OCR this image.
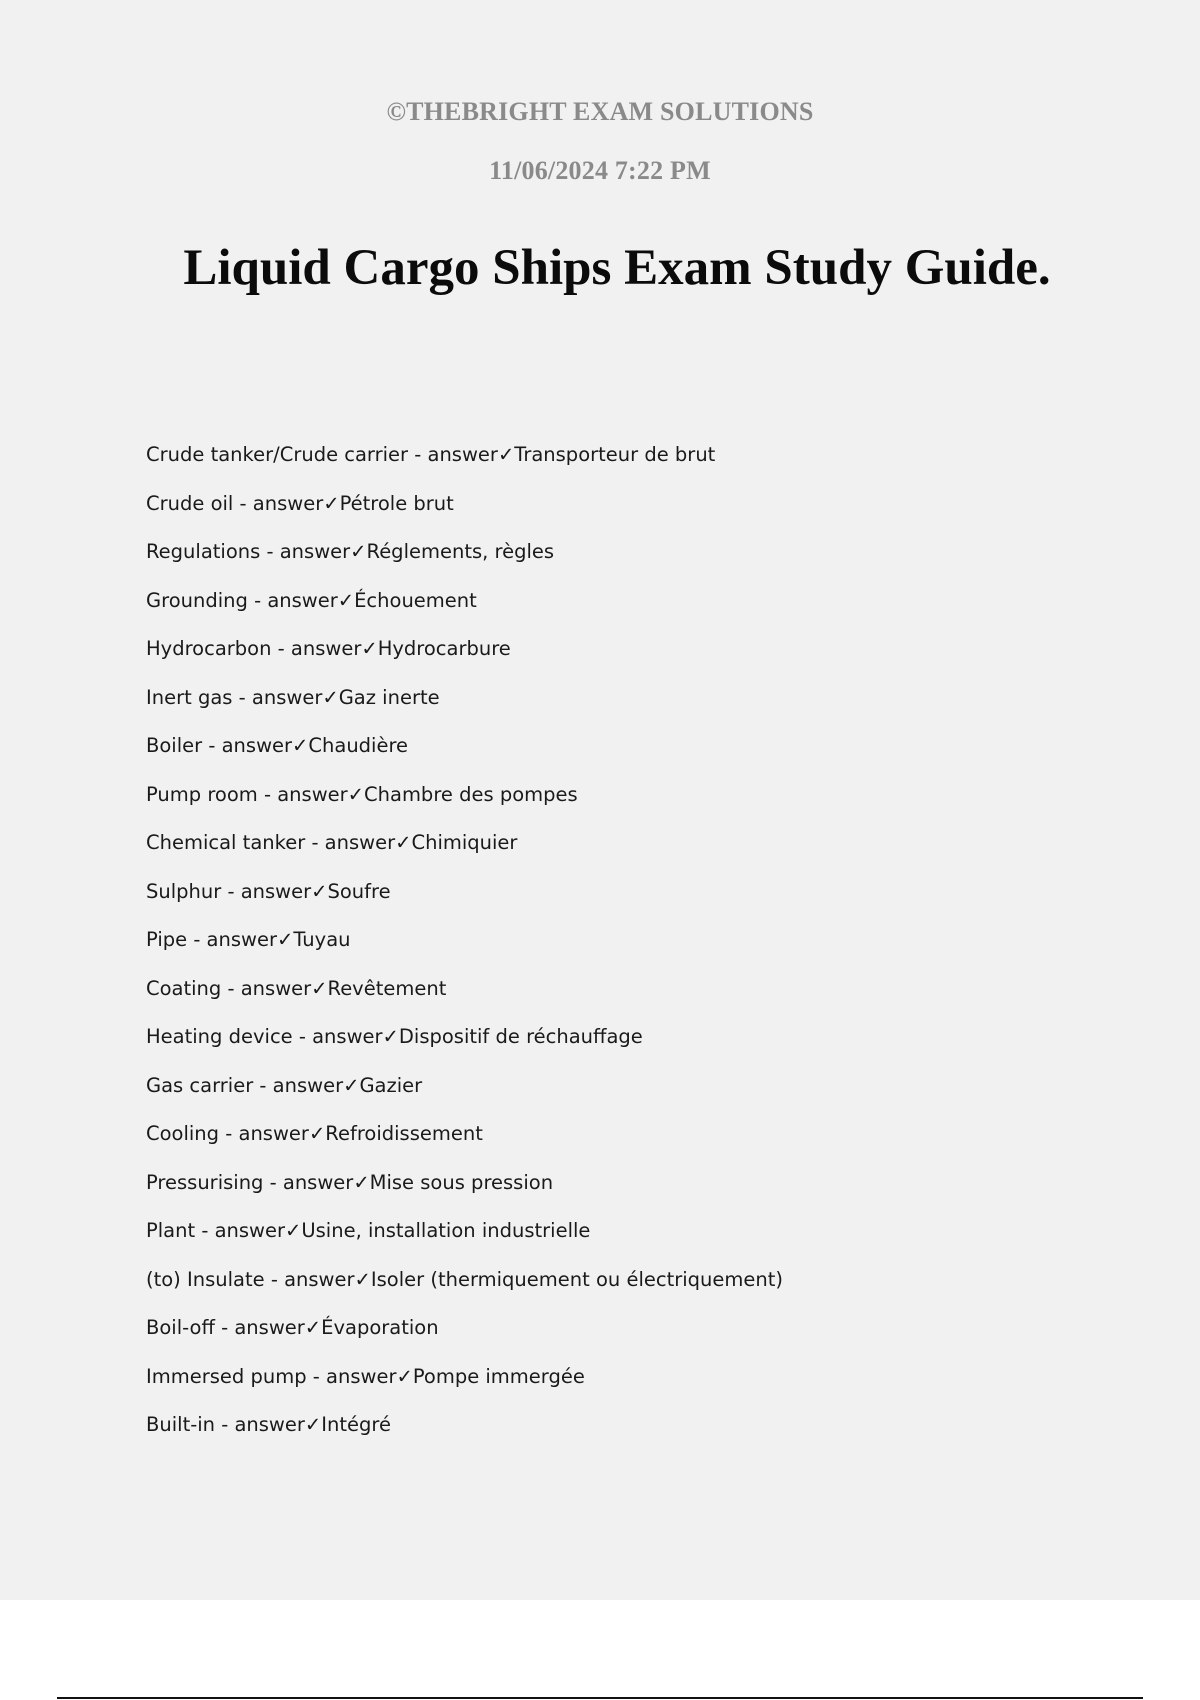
©THEBRIGHT EXAM SOLUTIONS
11/06/2024 7:22 PM
Liquid Cargo Ships Exam Study Guide.
Crude tanker/Crude carrier - answer✓Transporteur de brut
Crude oil - answer✓Pétrole brut
Regulations - answer✓Réglements, règles
Grounding - answer✓Échouement
Hydrocarbon - answer✓Hydrocarbure
Inert gas - answer✓Gaz inerte
Boiler - answer✓Chaudière
Pump room - answer✓Chambre des pompes
Chemical tanker - answer✓Chimiquier
Sulphur - answer✓Soufre
Pipe - answer✓Tuyau
Coating - answer✓Revêtement
Heating device - answer✓Dispositif de réchauffage
Gas carrier - answer✓Gazier
Cooling - answer✓Refroidissement
Pressurising - answer✓Mise sous pression
Plant - answer✓Usine, installation industrielle
(to) Insulate - answer✓Isoler (thermiquement ou électriquement)
Boil-off - answer✓Évaporation
Immersed pump - answer✓Pompe immergée
Built-in - answer✓Intégré
